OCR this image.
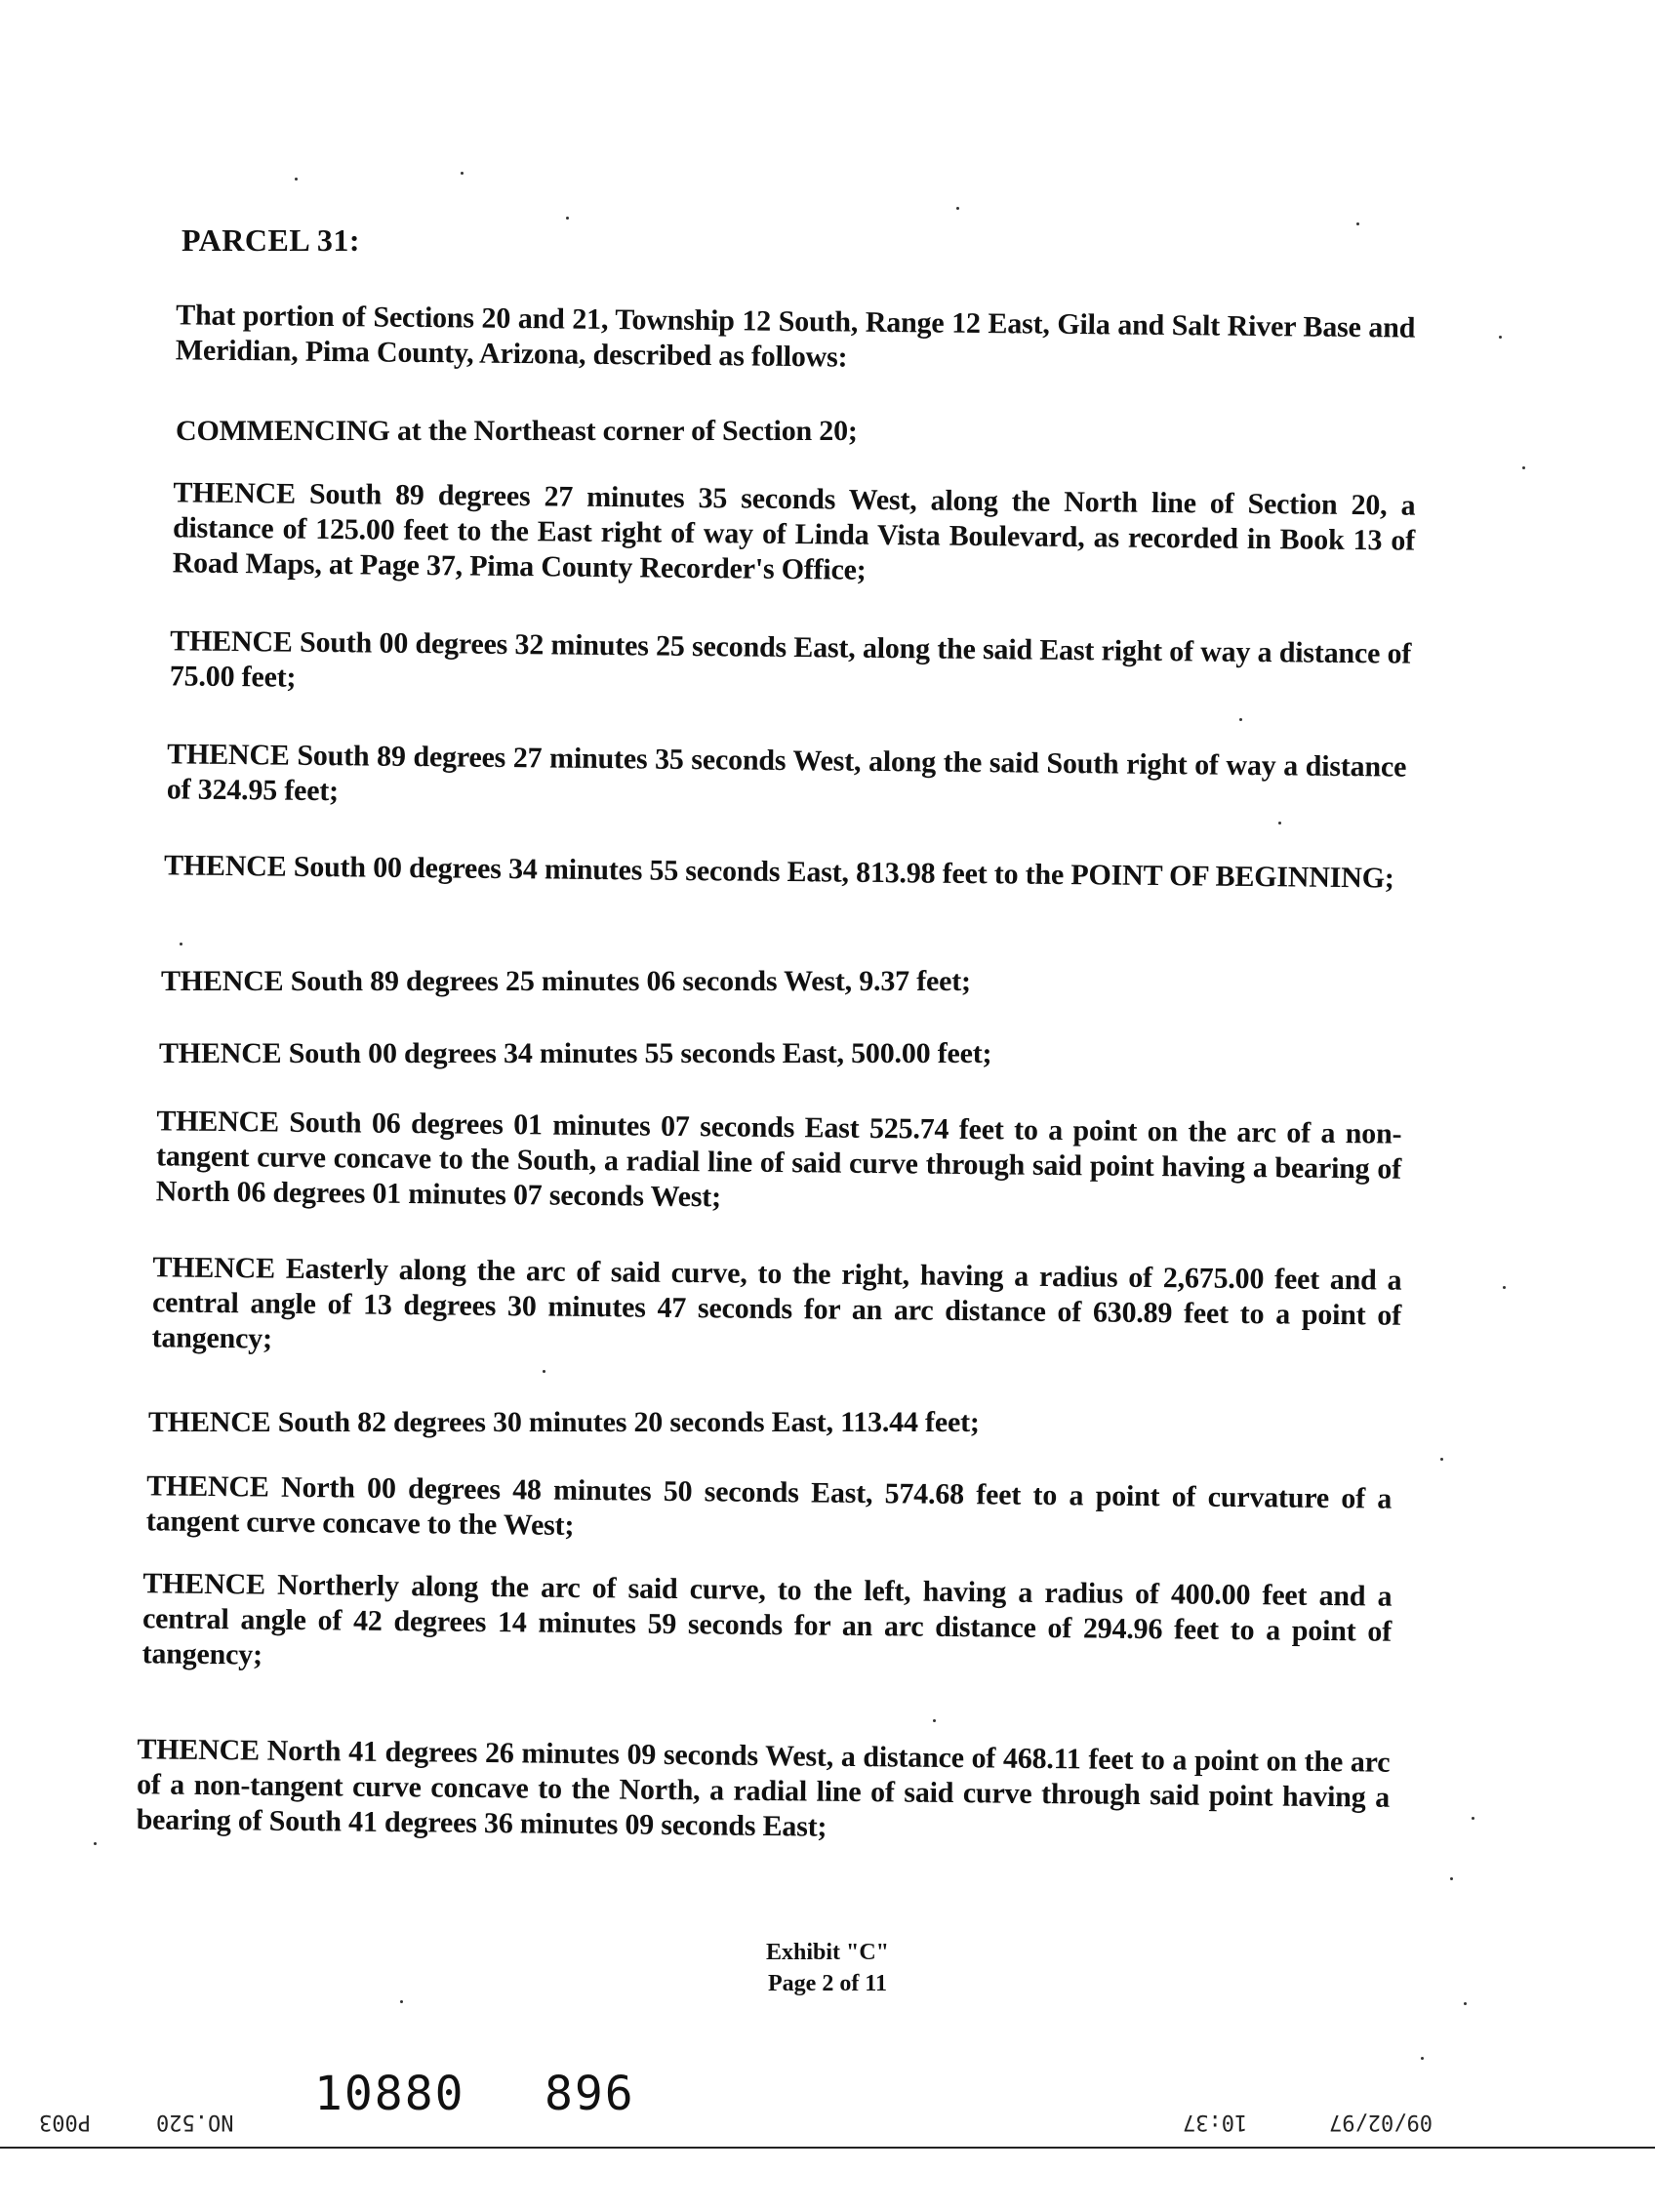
PARCEL 31:
That portion of Sections 20 and 21, Township 12 South, Range 12 East, Gila and Salt River Base and Meridian, Pima County, Arizona, described as follows:
COMMENCING at the Northeast corner of Section 20;
THENCE South 89 degrees 27 minutes 35 seconds West, along the North line of Section 20, a distance of 125.00 feet to the East right of way of Linda Vista Boulevard, as recorded in Book 13 of Road Maps, at Page 37, Pima County Recorder's Office;
THENCE South 00 degrees 32 minutes 25 seconds East, along the said East right of way a distance of 75.00 feet;
THENCE South 89 degrees 27 minutes 35 seconds West, along the said South right of way a distance of 324.95 feet;
THENCE South 00 degrees 34 minutes 55 seconds East, 813.98 feet to the POINT OF BEGINNING;
THENCE South 89 degrees 25 minutes 06 seconds West, 9.37 feet;
THENCE South 00 degrees 34 minutes 55 seconds East, 500.00 feet;
THENCE South 06 degrees 01 minutes 07 seconds East 525.74 feet to a point on the arc of a non-tangent curve concave to the South, a radial line of said curve through said point having a bearing of North 06 degrees 01 minutes 07 seconds West;
THENCE Easterly along the arc of said curve, to the right, having a radius of 2,675.00 feet and a central angle of 13 degrees 30 minutes 47 seconds for an arc distance of 630.89 feet to a point of tangency;
THENCE South 82 degrees 30 minutes 20 seconds East, 113.44 feet;
THENCE North 00 degrees 48 minutes 50 seconds East, 574.68 feet to a point of curvature of a tangent curve concave to the West;
THENCE Northerly along the arc of said curve, to the left, having a radius of 400.00 feet and a central angle of 42 degrees 14 minutes 59 seconds for an arc distance of 294.96 feet to a point of tangency;
THENCE North 41 degrees 26 minutes 09 seconds West, a distance of 468.11 feet to a point on the arc of a non-tangent curve concave to the North, a radial line of said curve through said point having a bearing of South 41 degrees 36 minutes 09 seconds East;
Exhibit "C"
Page 2 of 11
10880 896
P003	NO.520	10:37	09/02/97
